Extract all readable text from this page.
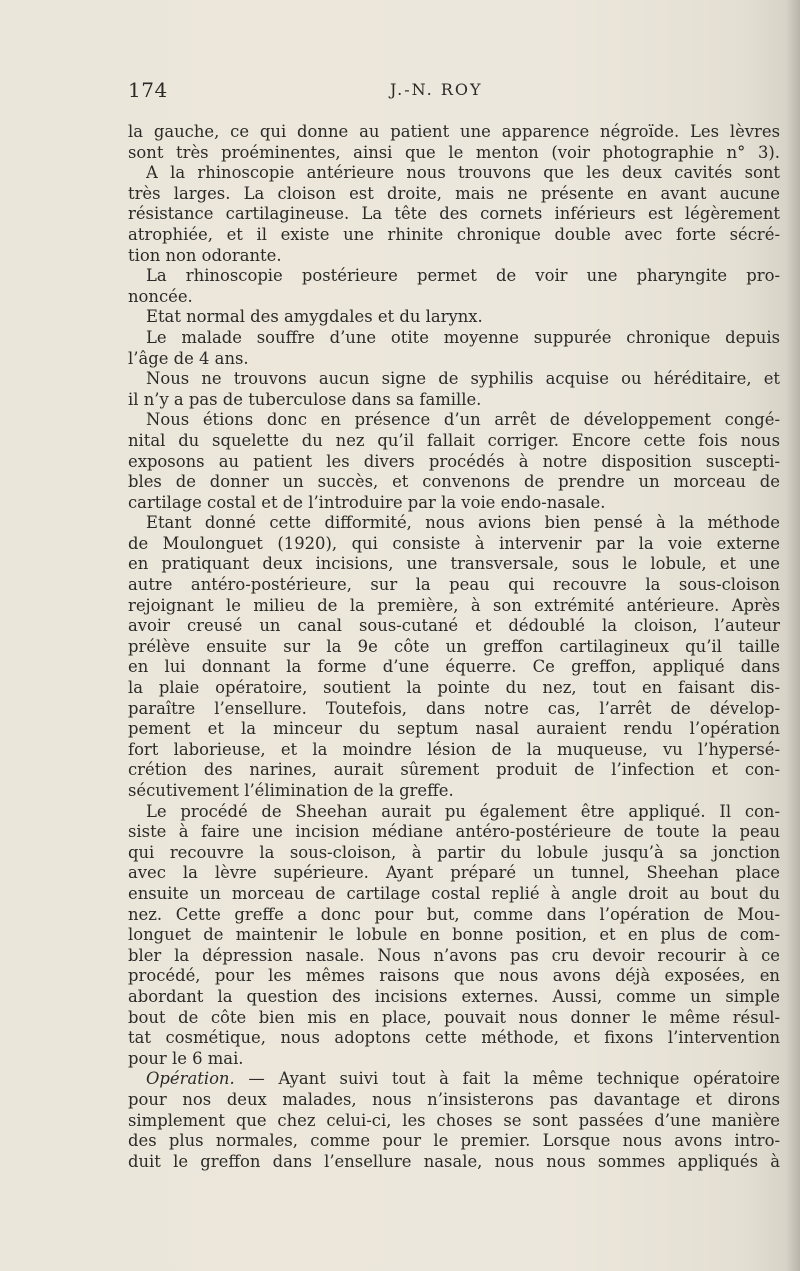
174	J.-N. ROY
la gauche, ce qui donne au patient une apparence négroïde. Les lèvres
sont très proéminentes, ainsi que le menton (voir photographie n° 3).
A la rhinoscopie antérieure nous trouvons que les deux cavités sont
très larges. La cloison est droite, mais ne présente en avant aucune
résistance cartilagineuse. La tête des cornets inférieurs est légèrement
atrophiée, et il existe une rhinite chronique double avec forte sécré-
tion non odorante.
La rhinoscopie postérieure permet de voir une pharyngite pro-
noncée.
Etat normal des amygdales et du larynx.
Le malade souffre d’une otite moyenne suppurée chronique depuis
l’âge de 4 ans.
Nous ne trouvons aucun signe de syphilis acquise ou héréditaire, et
il n’y a pas de tuberculose dans sa famille.
Nous étions donc en présence d’un arrêt de développement congé-
nital du squelette du nez qu’il fallait corriger. Encore cette fois nous
exposons au patient les divers procédés à notre disposition suscepti-
bles de donner un succès, et convenons de prendre un morceau de
cartilage costal et de l’introduire par la voie endo-nasale.
Etant donné cette difformité, nous avions bien pensé à la méthode
de Moulonguet (1920), qui consiste à intervenir par la voie externe
en pratiquant deux incisions, une transversale, sous le lobule, et une
autre antéro-postérieure, sur la peau qui recouvre la sous-cloison
rejoignant le milieu de la première, à son extrémité antérieure. Après
avoir creusé un canal sous-cutané et dédoublé la cloison, l’auteur
prélève ensuite sur la 9e côte un greffon cartilagineux qu’il taille
en lui donnant la forme d’une équerre. Ce greffon, appliqué dans
la plaie opératoire, soutient la pointe du nez, tout en faisant dis-
paraître l’ensellure. Toutefois, dans notre cas, l’arrêt de dévelop-
pement et la minceur du septum nasal auraient rendu l’opération
fort laborieuse, et la moindre lésion de la muqueuse, vu l’hypersé-
crétion des narines, aurait sûrement produit de l’infection et con-
sécutivement l’élimination de la greffe.
Le procédé de Sheehan aurait pu également être appliqué. Il con-
siste à faire une incision médiane antéro-postérieure de toute la peau
qui recouvre la sous-cloison, à partir du lobule jusqu’à sa jonction
avec la lèvre supérieure. Ayant préparé un tunnel, Sheehan place
ensuite un morceau de cartilage costal replié à angle droit au bout du
nez. Cette greffe a donc pour but, comme dans l’opération de Mou-
longuet de maintenir le lobule en bonne position, et en plus de com-
bler la dépression nasale. Nous n’avons pas cru devoir recourir à ce
procédé, pour les mêmes raisons que nous avons déjà exposées, en
abordant la question des incisions externes. Aussi, comme un simple
bout de côte bien mis en place, pouvait nous donner le même résul-
tat cosmétique, nous adoptons cette méthode, et fixons l’intervention
pour le 6 mai.
Opération. — Ayant suivi tout à fait la même technique opératoire
pour nos deux malades, nous n’insisterons pas davantage et dirons
simplement que chez celui-ci, les choses se sont passées d’une manière
des plus normales, comme pour le premier. Lorsque nous avons intro-
duit le greffon dans l’ensellure nasale, nous nous sommes appliqués à
